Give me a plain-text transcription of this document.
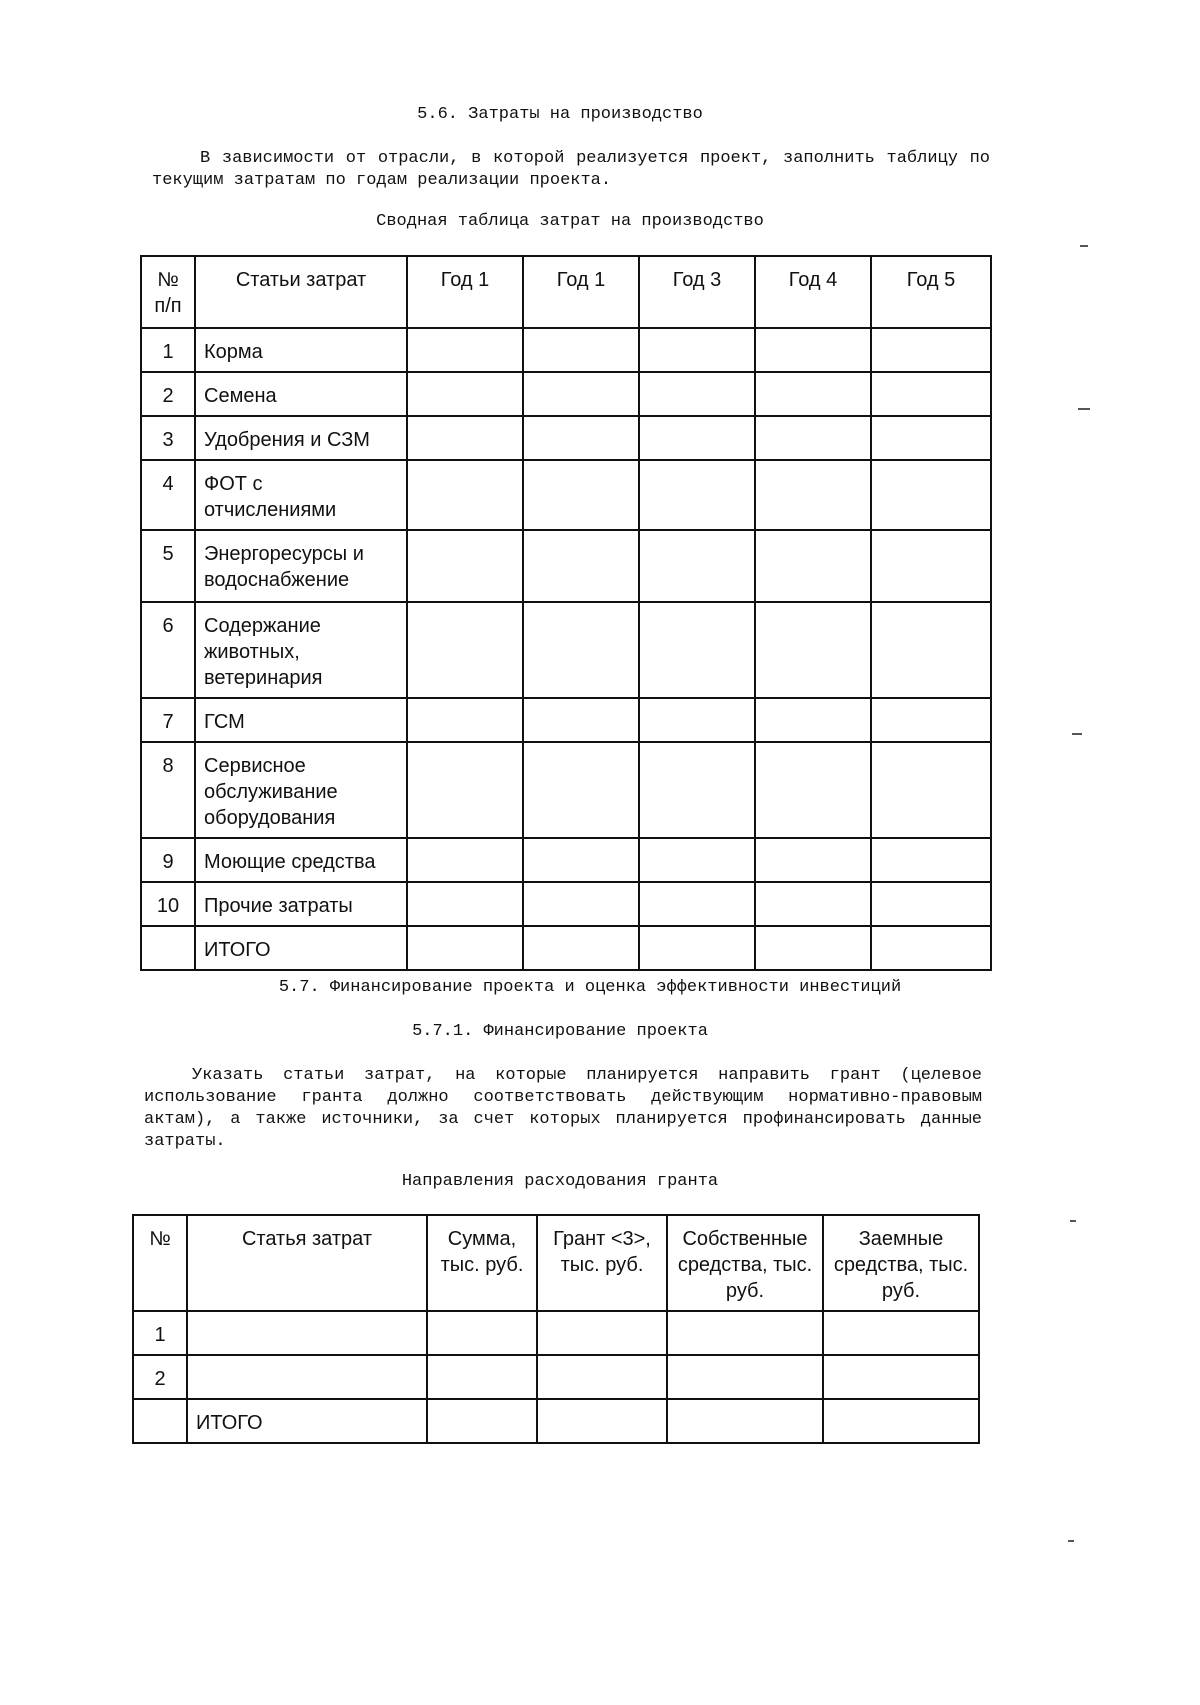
5.6. Затраты на производство

В зависимости от отрасли, в которой реализуется проект, заполнить таблицу по текущим затратам по годам реализации проекта.

Сводная таблица затрат на производство
№ п/п	Статьи затрат	Год 1	Год 1	Год 3	Год 4	Год 5
1	Корма					
2	Семена					
3	Удобрения и СЗМ					
4	ФОТ с отчислениями					
5	Энергоресурсы и водоснабжение					
6	Содержание животных, ветеринария					
7	ГСМ					
8	Сервисное обслуживание оборудования					
9	Моющие средства					
10	Прочие затраты					
	ИТОГО					
5.7. Финансирование проекта и оценка эффективности инвестиций
5.7.1. Финансирование проекта

Указать статьи затрат, на которые планируется направить грант (целевое использование гранта должно соответствовать действующим нормативно-правовым актам), а также источники, за счет которых планируется профинансировать данные затраты.

Направления расходования гранта
№	Статья затрат	Сумма, тыс. руб.	Грант <3>, тыс. руб.	Собственные средства, тыс. руб.	Заемные средства, тыс. руб.
1					
2					
	ИТОГО				
